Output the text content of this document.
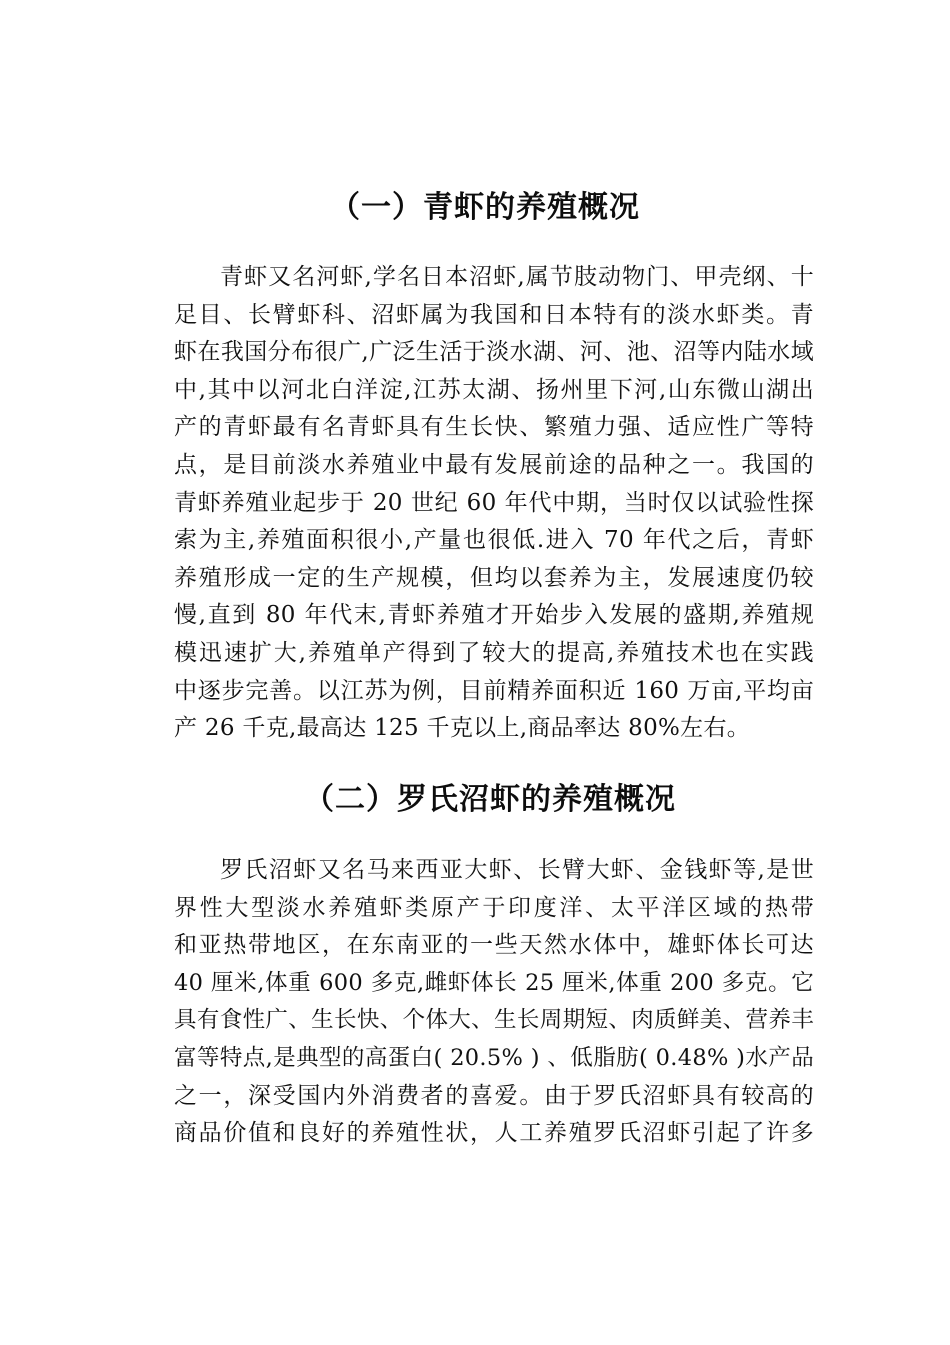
（一）青虾的养殖概况
青虾又名河虾,学名日本沼虾,属节肢动物门、甲壳纲、十
足目、长臂虾科、沼虾属为我国和日本特有的淡水虾类。青
虾在我国分布很广,广泛生活于淡水湖、河、池、沼等内陆水域
中,其中以河北白洋淀,江苏太湖、扬州里下河,山东微山湖出
产的青虾最有名青虾具有生长快、繁殖力强、适应性广等特
点，是目前淡水养殖业中最有发展前途的品种之一。我国的
青虾养殖业起步于 20 世纪 60 年代中期，当时仅以试验性探
索为主,养殖面积很小,产量也很低.进入 70 年代之后，青虾
养殖形成一定的生产规模，但均以套养为主，发展速度仍较
慢,直到 80 年代末,青虾养殖才开始步入发展的盛期,养殖规
模迅速扩大,养殖单产得到了较大的提高,养殖技术也在实践
中逐步完善。以江苏为例，目前精养面积近 160 万亩,平均亩
产 26 千克,最高达 125 千克以上,商品率达 80%左右。
（二）罗氏沼虾的养殖概况
罗氏沼虾又名马来西亚大虾、长臂大虾、金钱虾等,是世
界性大型淡水养殖虾类原产于印度洋、太平洋区域的热带
和亚热带地区，在东南亚的一些天然水体中，雄虾体长可达
40 厘米,体重 600 多克,雌虾体长 25 厘米,体重 200 多克。它
具有食性广、生长快、个体大、生长周期短、肉质鲜美、营养丰
富等特点,是典型的高蛋白( 20.5% ) 、低脂肪( 0.48% )水产品
之一，深受国内外消费者的喜爱。由于罗氏沼虾具有较高的
商品价值和良好的养殖性状，人工养殖罗氏沼虾引起了许多
